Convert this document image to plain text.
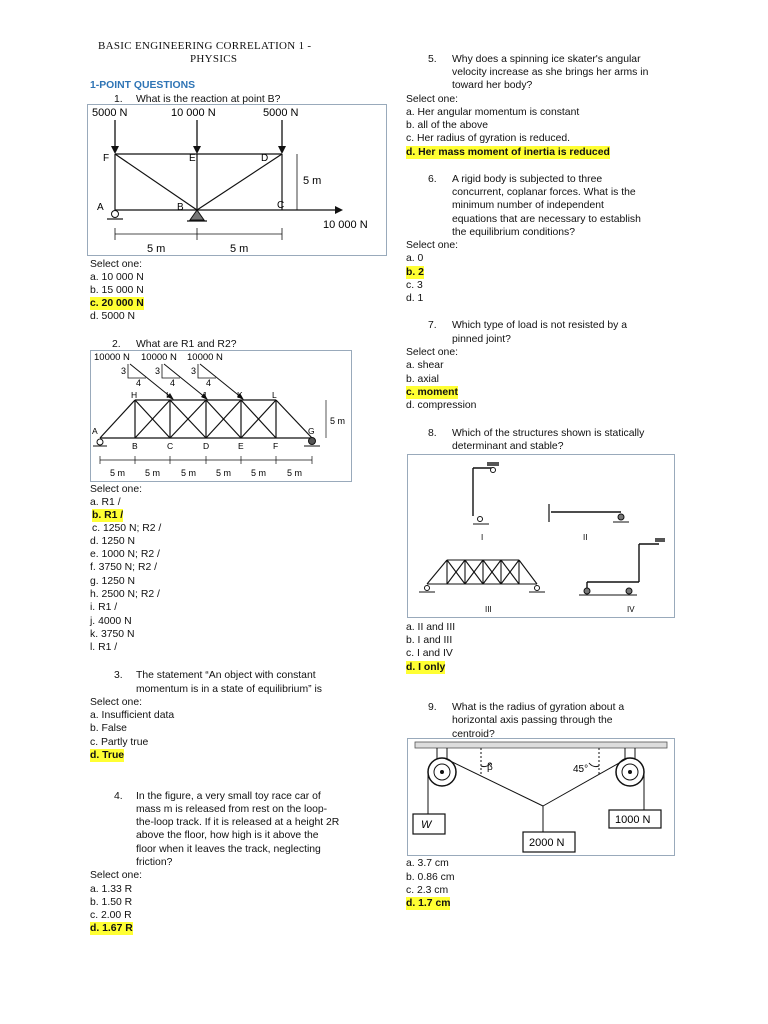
BASIC ENGINEERING CORRELATION 1 -
PHYSICS
1-POINT QUESTIONS
1. What is the reaction at point B?
5000 N	10 000 N	5000 N
F	E	D
A	B	C
5 m
10 000 N
5 m	5 m
Select one:
a. 10 000 N
b. 15 000 N
c. 20 000 N
d. 5000 N
2. What are R1 and R2?
10000 N 10000 N 10000 N
3
4
3
4
3
4
H	I	J	K	L
A
B	C	D	E	F
G
5 m
5 m 5 m 5 m 5 m 5 m 5 m
Select one:
a. R1 /
b. R1 /
c. 1250 N; R2 /
d. 1250 N
e. 1000 N; R2 /
f. 3750 N; R2 /
g. 1250 N
h. 2500 N; R2 /
i. R1 /
j. 4000 N
k. 3750 N
l. R1 /
3. The statement “An object with constant
momentum is in a state of equilibrium” is
Select one:
a. Insufficient data
b. False
c. Partly true
d. True
4. In the figure, a very small toy race car of
mass m is released from rest on the loop-
the-loop track. If it is released at a height 2R
above the floor, how high is it above the
floor when it leaves the track, neglecting
friction?
Select one:
a. 1.33 R
b. 1.50 R
c. 2.00 R
d. 1.67 R
5. Why does a spinning ice skater's angular
velocity increase as she brings her arms in
toward her body?
Select one:
a. Her angular momentum is constant
b. all of the above
c. Her radius of gyration is reduced.
d. Her mass moment of inertia is reduced
6. A rigid body is subjected to three
concurrent, coplanar forces. What is the
minimum number of independent
equations that are necessary to establish
the equilibrium conditions?
Select one:
a. 0
b. 2
c. 3
d. 1
7. Which type of load is not resisted by a
pinned joint?
Select one:
a. shear
b. axial
c. moment
d. compression
8. Which of the structures shown is statically
determinant and stable?
I	II
III	IV
a. II and III
b. I and III
c. I and IV
d. I only
9. What is the radius of gyration about a
horizontal axis passing through the
centroid?
β	45°
W
2000 N
1000 N
a. 3.7 cm
b. 0.86 cm
c. 2.3 cm
d. 1.7 cm
